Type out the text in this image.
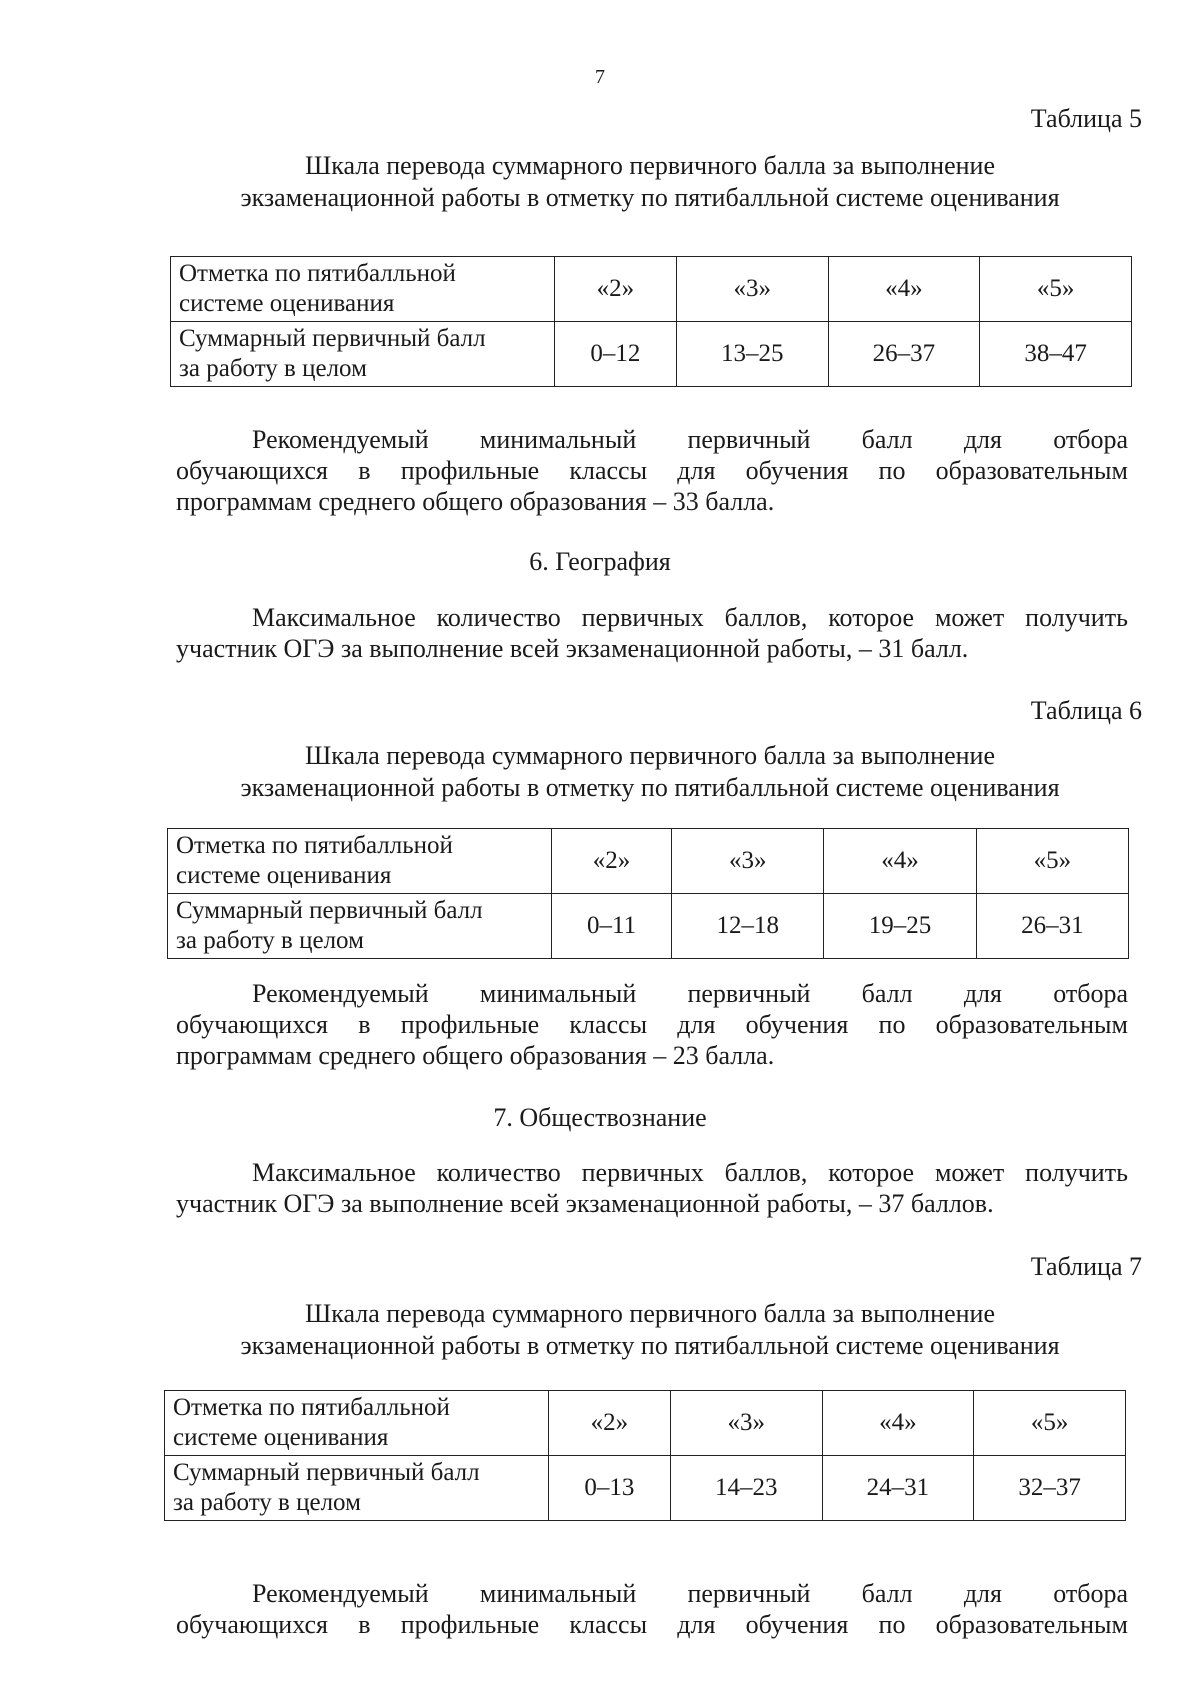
7
Таблица 5
Шкала перевода суммарного первичного балла за выполнение
экзаменационной работы в отметку по пятибалльной системе оценивания
Отметка по пятибалльной
системе оценивания	«2»	«3»	«4»	«5»

Суммарный первичный балл
за работу в целом	0–12	13–25	26–37	38–47
Рекомендуемый минимальный первичный балл для отбора
обучающихся в профильные классы для обучения по образовательным
программам среднего общего образования – 33 балла.
6. География
Максимальное количество первичных баллов, которое может получить
участник ОГЭ за выполнение всей экзаменационной работы, – 31 балл.
Таблица 6
Шкала перевода суммарного первичного балла за выполнение
экзаменационной работы в отметку по пятибалльной системе оценивания
Отметка по пятибалльной
системе оценивания	«2»	«3»	«4»	«5»

Суммарный первичный балл
за работу в целом	0–11	12–18	19–25	26–31
Рекомендуемый минимальный первичный балл для отбора
обучающихся в профильные классы для обучения по образовательным
программам среднего общего образования – 23 балла.
7. Обществознание
Максимальное количество первичных баллов, которое может получить
участник ОГЭ за выполнение всей экзаменационной работы, – 37 баллов.
Таблица 7
Шкала перевода суммарного первичного балла за выполнение
экзаменационной работы в отметку по пятибалльной системе оценивания
Отметка по пятибалльной
системе оценивания	«2»	«3»	«4»	«5»

Суммарный первичный балл
за работу в целом	0–13	14–23	24–31	32–37
Рекомендуемый минимальный первичный балл для отбора
обучающихся в профильные классы для обучения по образовательным
